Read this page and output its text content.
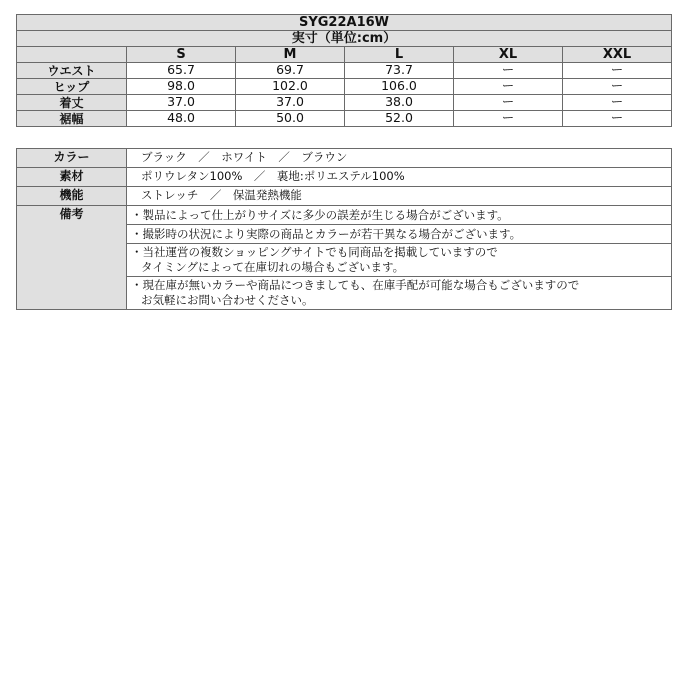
SYG22A16W					
実寸（単位:cm）					
	S	M	L	XL	XXL
ウエスト	65.7	69.7	73.7	ー	ー
ヒップ	98.0	102.0	106.0	ー	ー
着丈	37.0	37.0	38.0	ー	ー
裾幅	48.0	50.0	52.0	ー	ー
カラー	ブラック　／　ホワイト　／　ブラウン
素材	ポリウレタン100%　／　裏地:ポリエステル100%
機能	ストレッチ　／　保温発熱機能
備考	・製品によって仕上がりサイズに多少の誤差が生じる場合がございます。

	・撮影時の状況により実際の商品とカラーが若干異なる場合がございます。

	・当社運営の複数ショッピングサイトでも同商品を掲載していますので
タイミングによって在庫切れの場合もございます。

	・現在庫が無いカラーや商品につきましても、在庫手配が可能な場合もございますので
お気軽にお問い合わせください。
